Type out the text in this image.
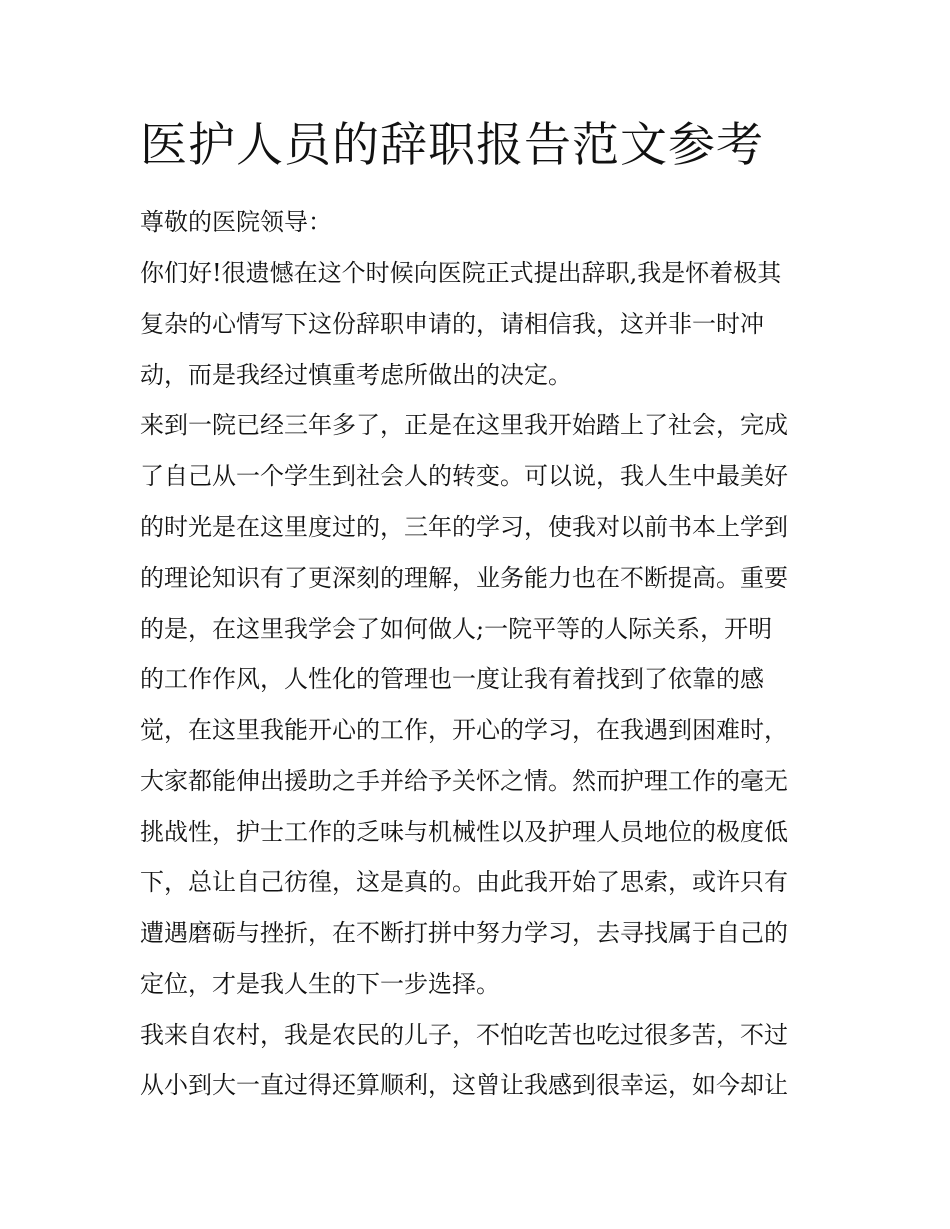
医护人员的辞职报告范文参考
尊敬的医院领导：
你们好!很遗憾在这个时候向医院正式提出辞职,我是怀着极其
复杂的心情写下这份辞职申请的，请相信我，这并非一时冲
动，而是我经过慎重考虑所做出的决定。
来到一院已经三年多了，正是在这里我开始踏上了社会，完成
了自己从一个学生到社会人的转变。可以说，我人生中最美好
的时光是在这里度过的，三年的学习，使我对以前书本上学到
的理论知识有了更深刻的理解，业务能力也在不断提高。重要
的是，在这里我学会了如何做人;一院平等的人际关系，开明
的工作作风，人性化的管理也一度让我有着找到了依靠的感
觉，在这里我能开心的工作，开心的学习，在我遇到困难时，
大家都能伸出援助之手并给予关怀之情。然而护理工作的毫无
挑战性，护士工作的乏味与机械性以及护理人员地位的极度低
下，总让自己彷徨，这是真的。由此我开始了思索，或许只有
遭遇磨砺与挫折，在不断打拼中努力学习，去寻找属于自己的
定位，才是我人生的下一步选择。
我来自农村，我是农民的儿子，不怕吃苦也吃过很多苦，不过
从小到大一直过得还算顺利，这曾让我感到很幸运，如今却让
